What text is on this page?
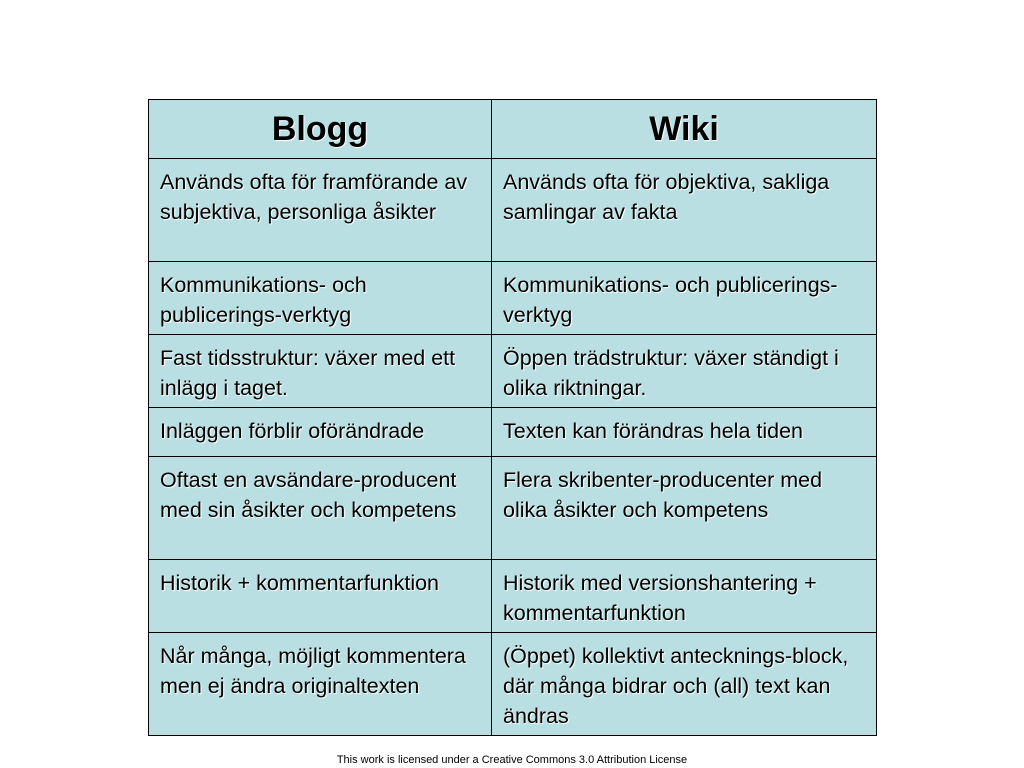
Blogg	Wiki
Används ofta för framförande av subjektiva, personliga åsikter	Används ofta för objektiva, sakliga samlingar av fakta
Kommunikations- och publicerings-verktyg	Kommunikations- och publicerings-verktyg
Fast tidsstruktur: växer med ett inlägg i taget.	Öppen trädstruktur: växer ständigt i olika riktningar.
Inläggen förblir oförändrade	Texten kan förändras hela tiden
Oftast en avsändare-producent med sin åsikter och kompetens	Flera skribenter-producenter med olika åsikter och kompetens
Historik + kommentarfunktion	Historik med versionshantering + kommentarfunktion
Når många, möjligt kommentera men ej ändra originaltexten	(Öppet) kollektivt antecknings-block, där många bidrar och (all) text kan ändras
This work is licensed under a Creative Commons 3.0 Attribution License
